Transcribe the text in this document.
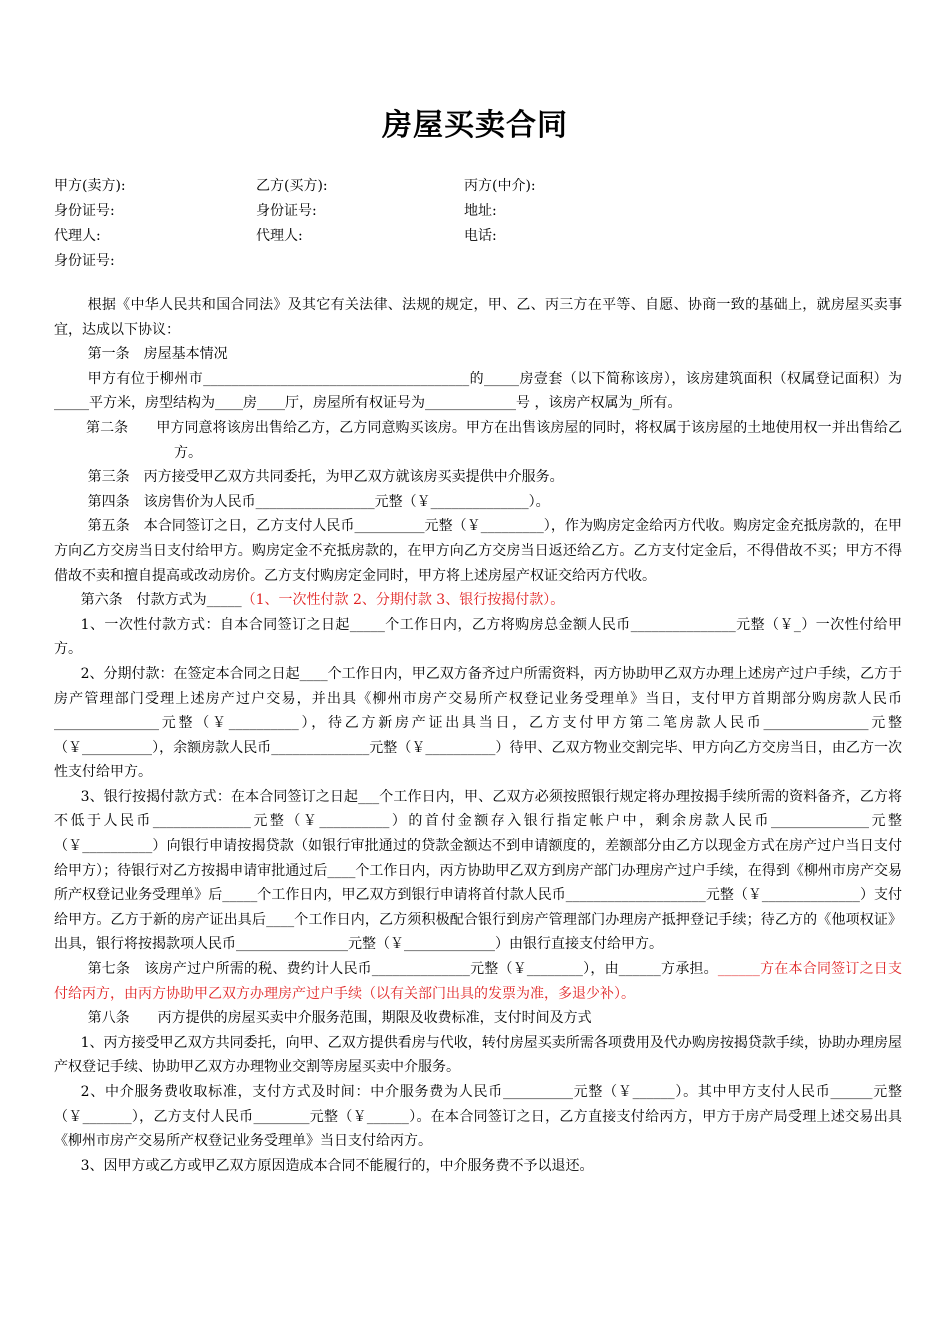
房屋买卖合同
甲方(卖方):	乙方(买方):	丙方(中介):
身份证号:	身份证号:	地址:
代理人:	代理人:	电话:
身份证号:

根据《中华人民共和国合同法》及其它有关法律、法规的规定，甲、乙、丙三方在平等、自愿、协商一致的基础上，就房屋买卖事宜，达成以下协议：

第一条　房屋基本情况

甲方有位于柳州市______________________________________的_____房壹套（以下简称该房），该房建筑面积（权属登记面积）为_____平方米，房型结构为____房____厅，房屋所有权证号为_____________号 ，该房产权属为_所有。

第二条　　甲方同意将该房出售给乙方，乙方同意购买该房。甲方在出售该房屋的同时，将权属于该房屋的土地使用权一并出售给乙方。

第三条　丙方接受甲乙双方共同委托，为甲乙双方就该房买卖提供中介服务。

第四条　该房售价为人民币_________________元整（￥______________）。

第五条　本合同签订之日，乙方支付人民币__________元整（￥_________），作为购房定金给丙方代收。购房定金充抵房款的，在甲方向乙方交房当日支付给甲方。购房定金不充抵房款的，在甲方向乙方交房当日返还给乙方。乙方支付定金后，不得借故不买；甲方不得借故不卖和擅自提高或改动房价。乙方支付购房定金同时，甲方将上述房屋产权证交给丙方代收。

第六条　付款方式为_____（1、一次性付款 2、分期付款 3、银行按揭付款）。

1、一次性付款方式：自本合同签订之日起_____个工作日内，乙方将购房总金额人民币_______________元整（￥_）一次性付给甲方。

2、分期付款：在签定本合同之日起____个工作日内，甲乙双方备齐过户所需资料，丙方协助甲乙双方办理上述房产过户手续，乙方于房产管理部门受理上述房产过户交易，并出具《柳州市房产交易所产权登记业务受理单》当日，支付甲方首期部分购房款人民币_______________元整（￥__________），待乙方新房产证出具当日，乙方支付甲方第二笔房款人民币_______________元整（￥__________），余额房款人民币______________元整（￥__________）待甲、乙双方物业交割完毕、甲方向乙方交房当日，由乙方一次性支付给甲方。

3、银行按揭付款方式：在本合同签订之日起___个工作日内，甲、乙双方必须按照银行规定将办理按揭手续所需的资料备齐，乙方将不低于人民币______________元整（￥__________）的首付金额存入银行指定帐户中，剩余房款人民币______________元整（￥__________）向银行申请按揭贷款（如银行审批通过的贷款金额达不到申请额度的，差额部分由乙方以现金方式在房产过户当日支付给甲方）；待银行对乙方按揭申请审批通过后____个工作日内，丙方协助甲乙双方到房产部门办理房产过户手续，在得到《柳州市房产交易所产权登记业务受理单》后_____个工作日内，甲乙双方到银行申请将首付款人民币____________________元整（￥______________）支付给甲方。乙方于新的房产证出具后____个工作日内，乙方须积极配合银行到房产管理部门办理房产抵押登记手续；待乙方的《他项权证》出具，银行将按揭款项人民币________________元整（￥_____________）由银行直接支付给甲方。

第七条　该房产过户所需的税、费约计人民币______________元整（￥________），由______方承担。______方在本合同签订之日支付给丙方，由丙方协助甲乙双方办理房产过户手续（以有关部门出具的发票为准，多退少补）。

第八条　　丙方提供的房屋买卖中介服务范围，期限及收费标准，支付时间及方式

1、丙方接受甲乙双方共同委托，向甲、乙双方提供看房与代收，转付房屋买卖所需各项费用及代办购房按揭贷款手续，协助办理房屋产权登记手续、协助甲乙双方办理物业交割等房屋买卖中介服务。

2、中介服务费收取标准，支付方式及时间：中介服务费为人民币__________元整（￥______）。其中甲方支付人民币______元整（￥_______），乙方支付人民币________元整（￥______）。在本合同签订之日，乙方直接支付给丙方，甲方于房产局受理上述交易出具《柳州市房产交易所产权登记业务受理单》当日支付给丙方。

3、因甲方或乙方或甲乙双方原因造成本合同不能履行的，中介服务费不予以退还。
